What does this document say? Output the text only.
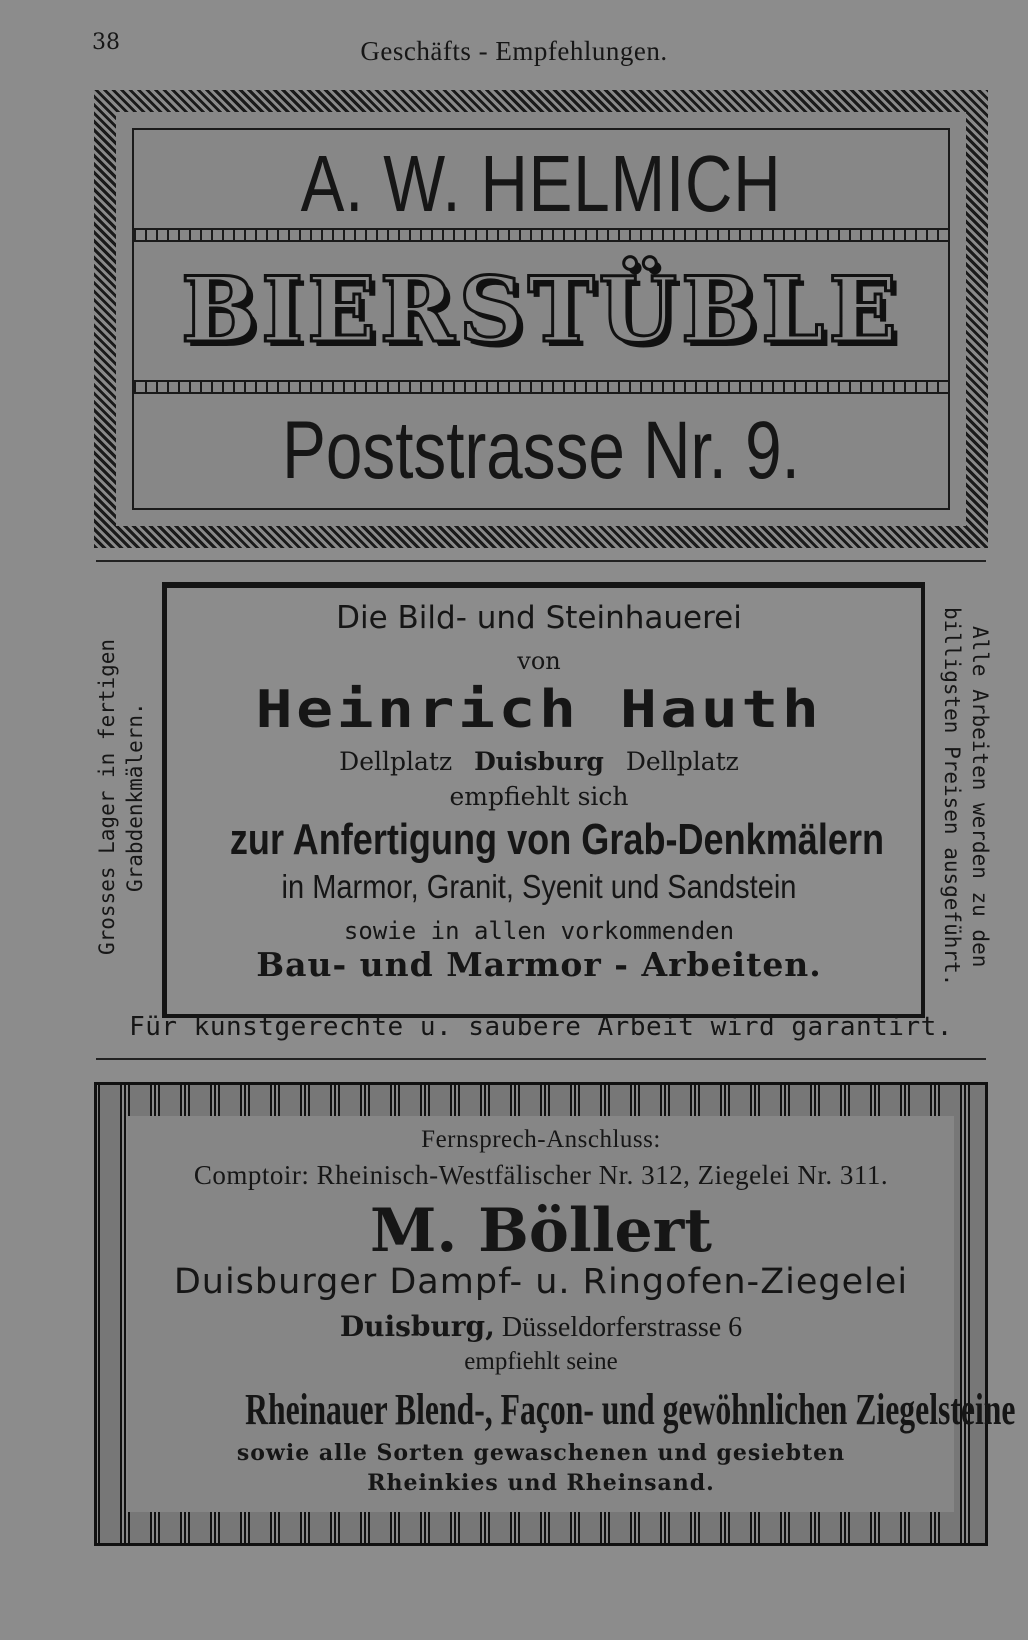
38	Geschäfts - Empfehlungen.
A. W. HELMICH
BIERSTÜBLE
Poststrasse Nr. 9.
Grosses Lager in fertigen Grabdenkmälern.	Alle Arbeiten werden zu den
billigsten Preisen ausgeführt.
Die Bild- und Steinhauerei
von
Heinrich Hauth
Dellplatz Duisburg Dellplatz
empfiehlt sich
zur Anfertigung von Grab-Denkmälern
in Marmor, Granit, Syenit und Sandstein
sowie in allen vorkommenden
Bau- und Marmor - Arbeiten.
Für kunstgerechte u. saubere Arbeit wird garantirt.
Fernsprech-Anschluss:
Comptoir: Rheinisch-Westfälischer Nr. 312, Ziegelei Nr. 311.
M. Böllert
Duisburger Dampf- u. Ringofen-Ziegelei
Duisburg, Düsseldorferstrasse 6
empfiehlt seine
Rheinauer Blend-, Façon- und gewöhnlichen Ziegelsteine
sowie alle Sorten gewaschenen und gesiebten
Rheinkies und Rheinsand.
